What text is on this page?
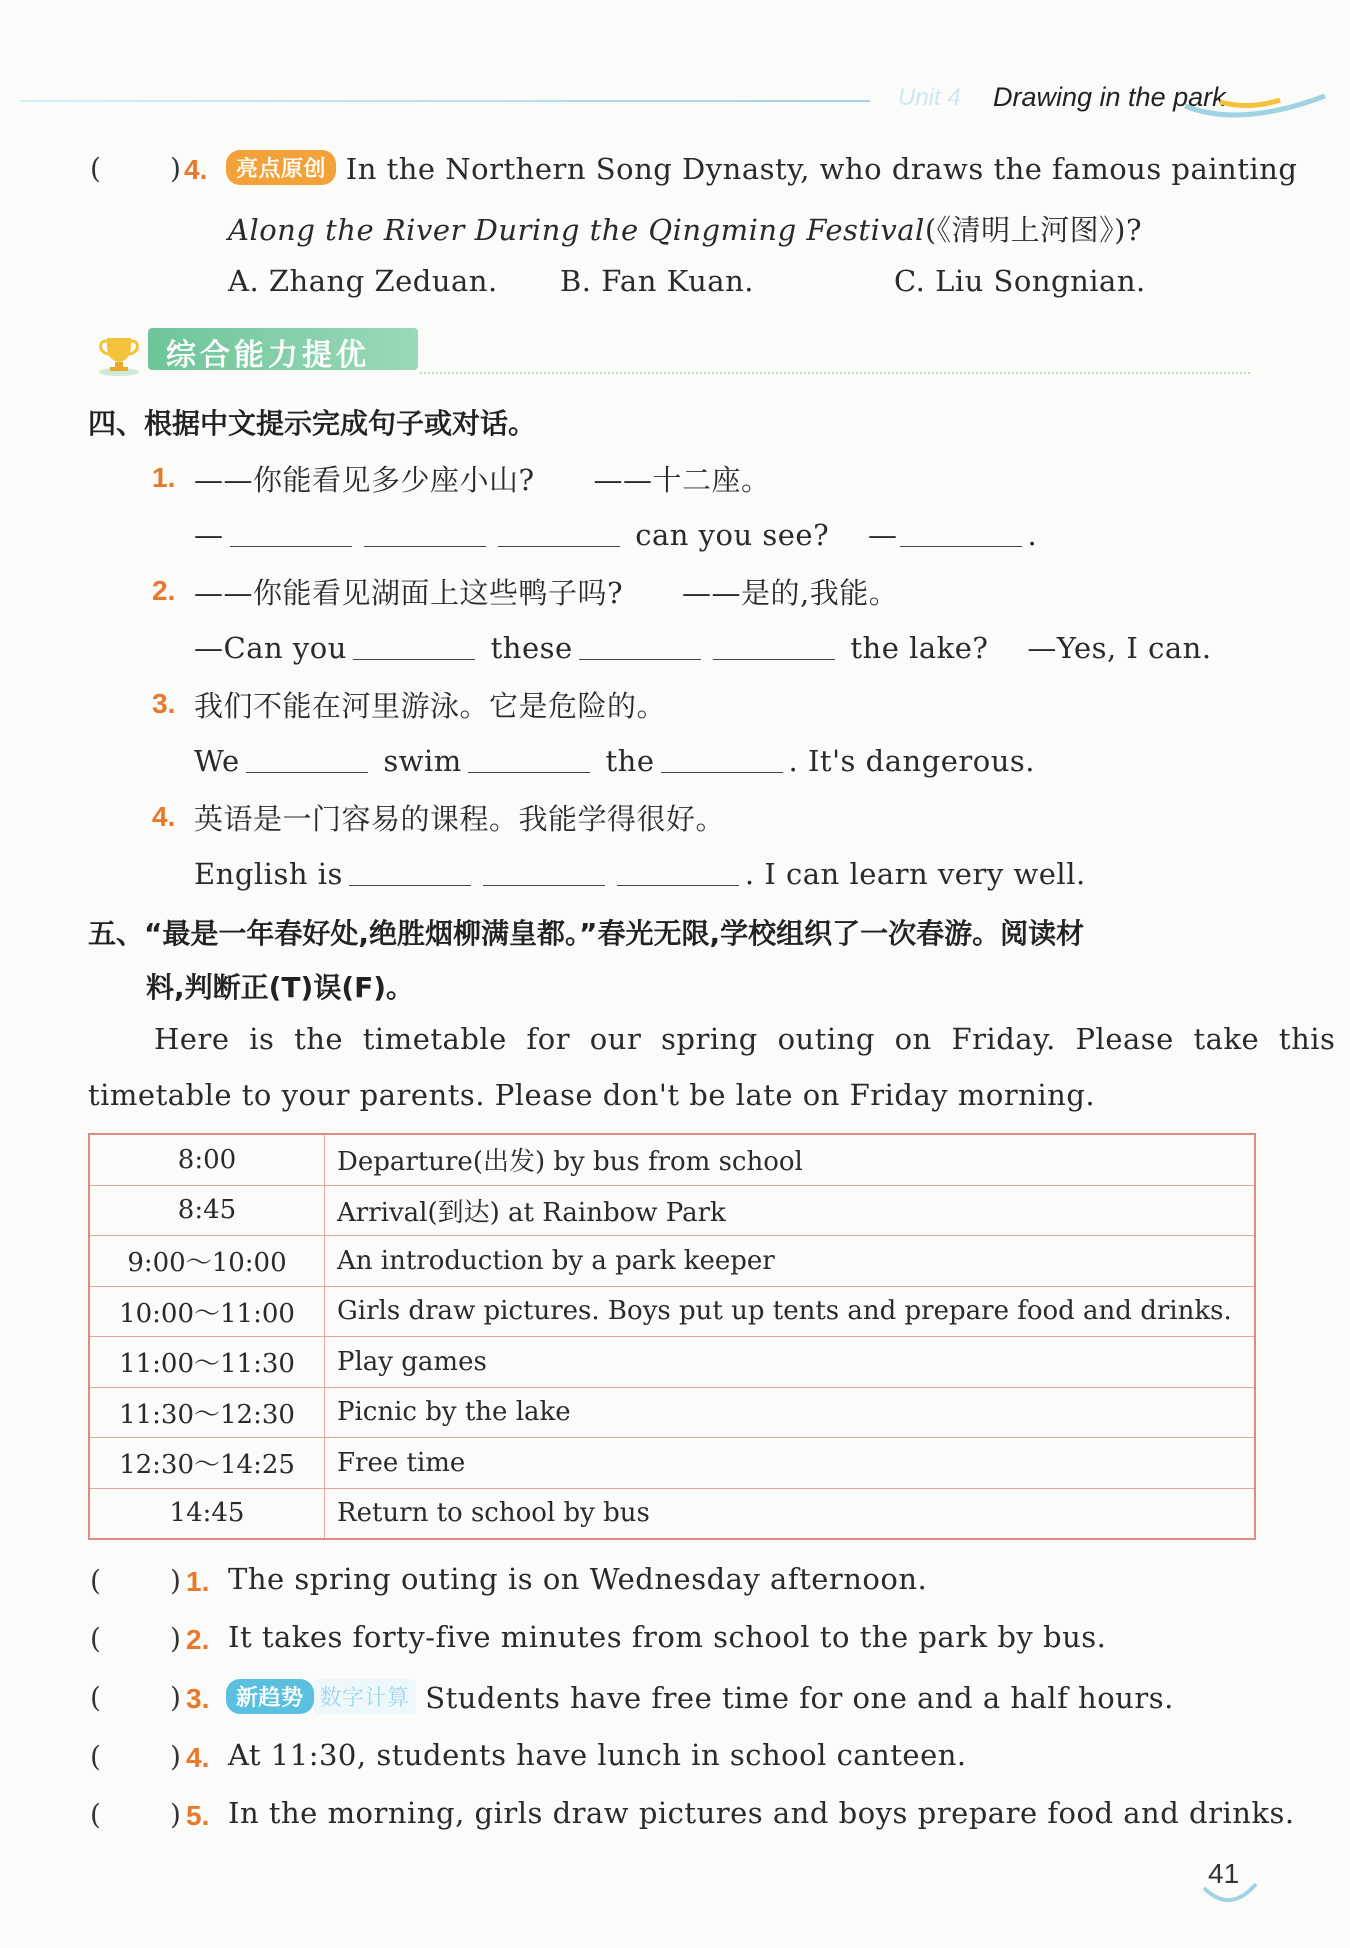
Unit 4 Drawing in the park
( ) 4.	亮点原创 In the Northern Song Dynasty, who draws the famous painting
Along the River During the Qingming Festival(《清明上河图》)?
A. Zhang Zeduan. B. Fan Kuan.	C. Liu Songnian.
综合能力提优
四、根据中文提示完成句子或对话。
1. ——你能看见多少座小山?　　——十二座。
—	can you see? —	.
2. ——你能看见湖面上这些鸭子吗?　　——是的,我能。
—Can you	these	the lake? —Yes, I can.
3. 我们不能在河里游泳。它是危险的。
We	swim	the	. It's dangerous.
4. 英语是一门容易的课程。我能学得很好。
English is	. I can learn very well.
五、“最是一年春好处,绝胜烟柳满皇都。”春光无限,学校组织了一次春游。阅读材
料,判断正(T)误(F)。
Here is the timetable for our spring outing on Friday. Please take this
timetable to your parents. Please don't be late on Friday morning.
8:00	Departure(出发) by bus from school
8:45	Arrival(到达) at Rainbow Park
9:00～10:00	An introduction by a park keeper
10:00～11:00	Girls draw pictures. Boys put up tents and prepare food and drinks.
11:00～11:30	Play games
11:30～12:30	Picnic by the lake
12:30～14:25	Free time
14:45	Return to school by bus
( ) 1. The spring outing is on Wednesday afternoon.
( ) 2. It takes forty-five minutes from school to the park by bus.
( ) 3.	新趋势 数字计算 Students have free time for one and a half hours.
( ) 4. At 11:30, students have lunch in school canteen.
( ) 5. In the morning, girls draw pictures and boys prepare food and drinks.
41
